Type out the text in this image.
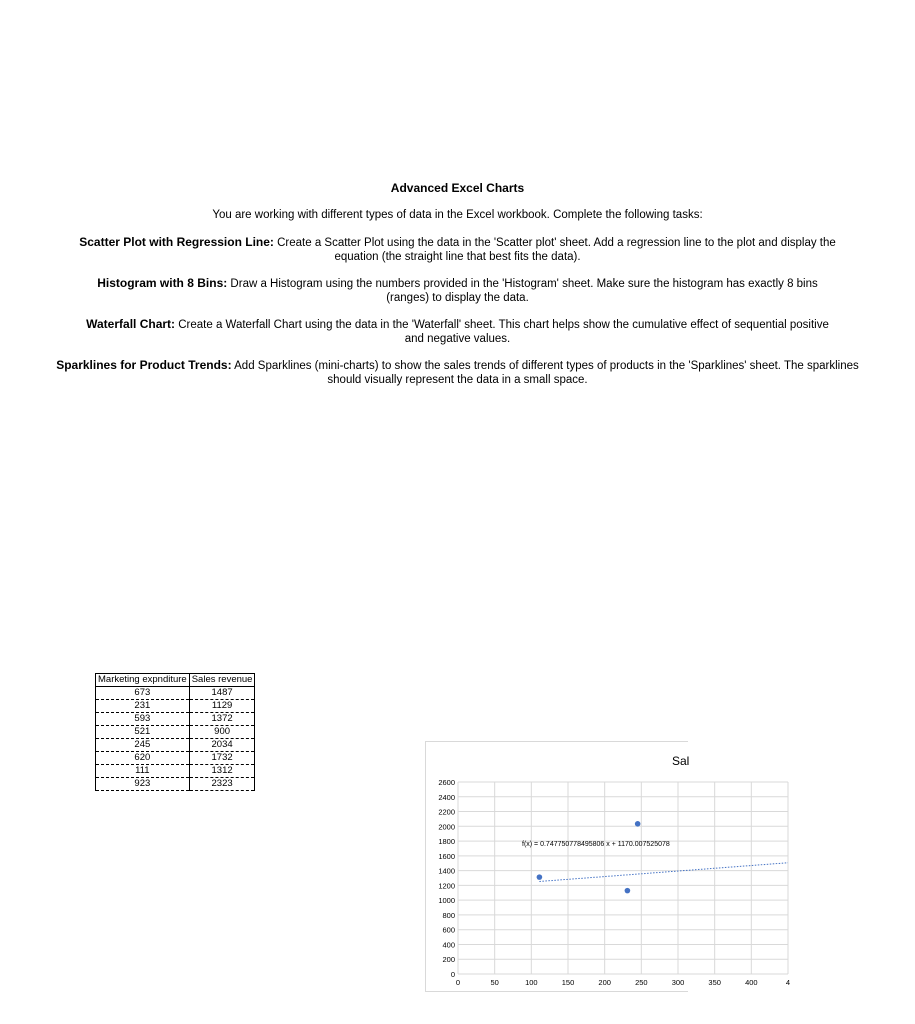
Advanced Excel Charts
You are working with different types of data in the Excel workbook. Complete the following tasks:
Scatter Plot with Regression Line: Create a Scatter Plot using the data in the 'Scatter plot' sheet. Add a regression line to the plot and display the
equation (the straight line that best fits the data).
Histogram with 8 Bins: Draw a Histogram using the numbers provided in the 'Histogram' sheet. Make sure the histogram has exactly 8 bins
(ranges) to display the data.
Waterfall Chart: Create a Waterfall Chart using the data in the 'Waterfall' sheet. This chart helps show the cumulative effect of sequential positive
and negative values.
Sparklines for Product Trends: Add Sparklines (mini-charts) to show the sales trends of different types of products in the 'Sparklines' sheet. The sparklines
should visually represent the data in a small space.
Marketing expnditure	Sales revenue
673	1487
231	1129
593	1372
521	900
245	2034
620	1732
111	1312
923	2323
Sal
0
200
400
600
800
1000
1200
1400
1600
1800
2000
2200
2400
2600
0	50	100	150	200	250	300	350	400	4
f(x) = 0.747750778495806 x + 1170.007525078
